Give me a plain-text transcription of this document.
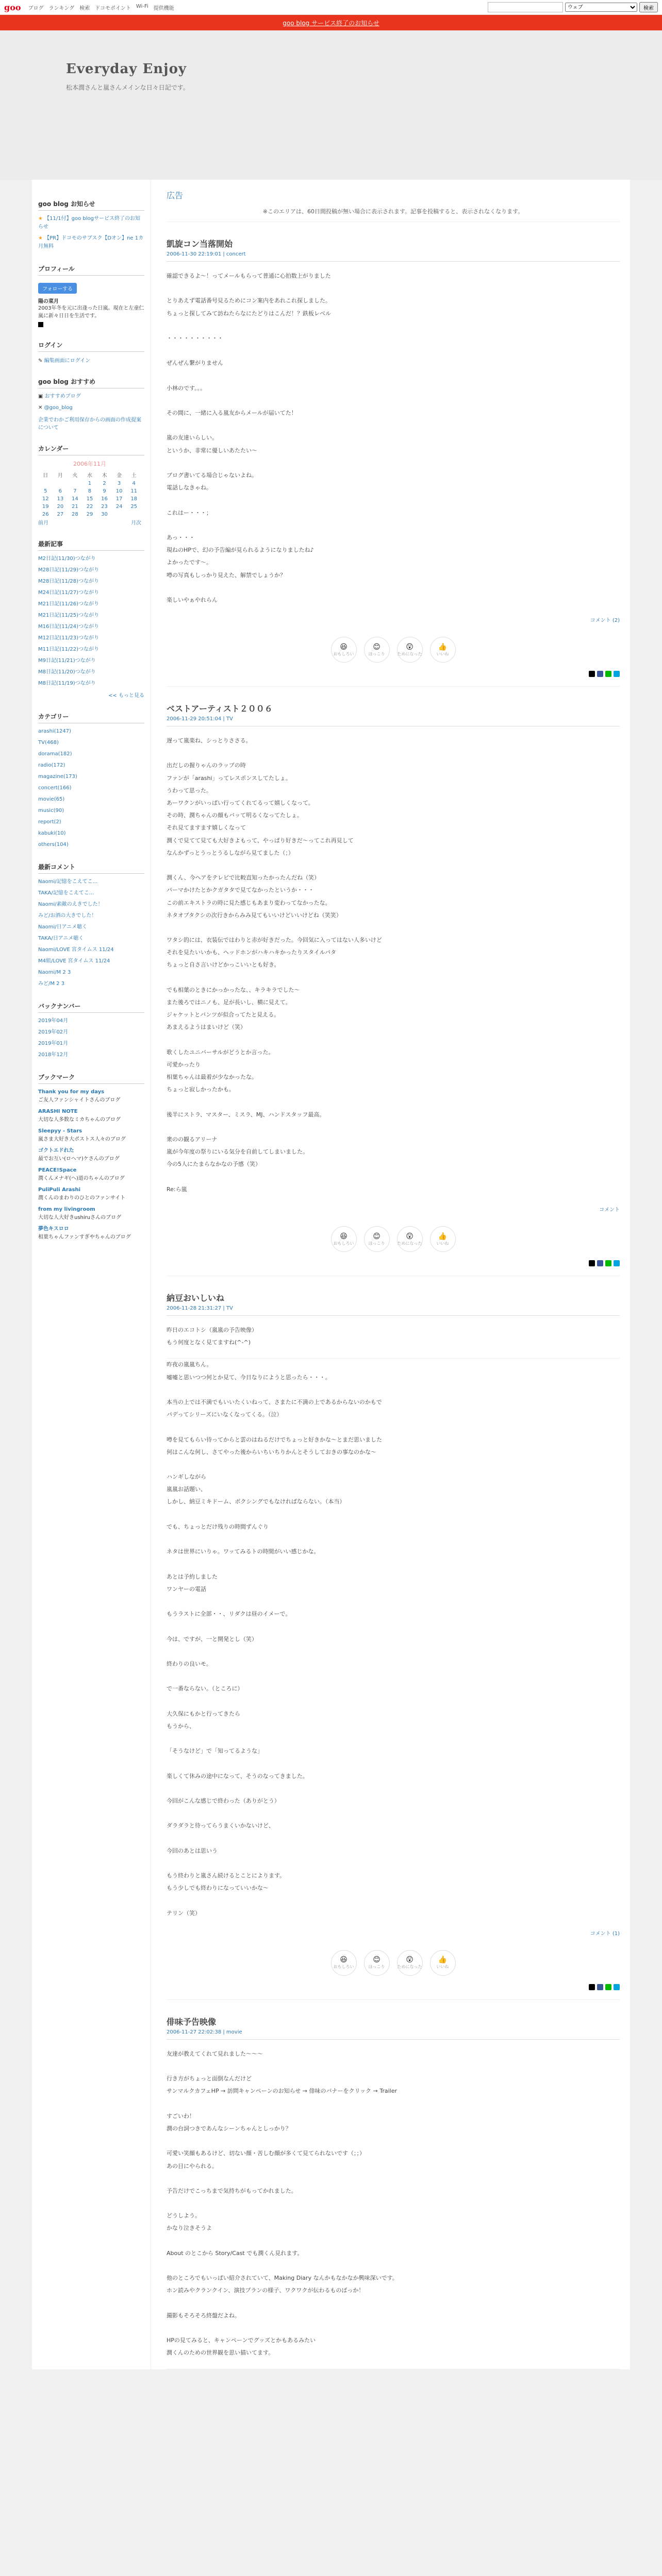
goo ブログ ランキング 検索 ドコモポイント Wi-Fi 提供機能
ウェブ	検索
goo blog サービス終了のお知らせ
Everyday Enjoy
松本潤さんと嵐さんメインな日々日記です。
goo blog お知らせ
★ 【11/1付】goo blogサービス終了のお知らせ
★ 【PR】ドコモのサブスク【Dオン】ne 1カ月無料
プロフィール
フォローする
陽の菜月
2003年冬を元に出逢った日嵐。現在と左童仁嵐に新々日日を生活です。
ログイン
✎ 編集画面にログイン
goo blog おすすめ
▣ おすすめブログ
✕ @goo_blog
企業でわかご利用保存からの画面の作成提案について
カレンダー
2006年11月
日	月	火	水	木	金	土
			1	2	3	4
5	6	7	8	9	10	11
12	13	14	15	16	17	18
19	20	21	22	23	24	25
26	27	28	29	30		
前月	月次
最新記事
M2日記(11/30)つながり
M28日記(11/29)つながり
M28日記(11/28)つながり
M24日記(11/27)つながり
M21日記(11/26)つながり
M21日記(11/25)つながり
M16日記(11/24)つながり
M12日記(11/23)つながり
M11日記(11/22)つながり
M9日記(11/21)つながり
M8日記(11/20)つながり
M8日記(11/19)つながり
<< もっと見る
カテゴリー
arashi(1247)
TV(468)
dorama(182)
radio(172)
magazine(173)
concert(166)
movie(65)
music(90)
report(2)
kabuki(10)
others(104)
最新コメント
Naomi/記憶をこえてこ...
TAKA/記憶をこえてこ...
Naomi/素敵のえきでした！
みど/お酒の大きでした！
Naomi/日アニメ聴く
TAKA/日アニメ聴く
Naomi/LOVE 宮タイムス 11/24
M4組/LOVE 宮タイムス 11/24
Naomi/M 2 3
みど/M 2 3
バックナンバー
2019年04月
2019年02月
2019年01月
2018年12月
ブックマーク
Thank you for my days
ご友人ファンシャイトさんのブログ
ARASHI NOTE
大切な人多数なミカちゃんのブログ
Sleepyy - Stars
嵐さま大好き大ポストス人々のブログ
ゴクトエドれた
最でお互い(ロヘマ)ケさんのブログ
PEACE!Space
潤くんメナギ(ヘ)道のちゃんのブログ
PuliPuli Arashi
潤くんのまわりのひとのファンサイト
from my livingroom
大切な人大好きushiruさんのブログ
夢色キスロロ
相葉ちゃんファンすぎやちゃんのブログ
広告
※このエリアは、60日間投稿が無い場合に表示されます。記事を投稿すると、表示されなくなります。
凱旋コン当落開始
2006-11-30 22:19:01 | concert
確認できるよ～！ってメールもらって普通に心拍数上がりました

とりあえず電話番号見るためにコン案内をあれこれ探しました。
ちょっと探してみて訪ねたらなにたどりはこんだ！？鉄板レベル

・・・・・・・・・・

ぜんぜん繋がりません

小林のです。。。

その間に、一緒に入る嵐友からメールが届いてた！

嵐の友達いらしい。
というか、非常に優しいあたたい～

ブログ書いてる場合じゃないよね。
電話しなきゃね。

これはー・・・；

あっ・・・
現ねのHPで、幻の予告編が見られるようになりましたね♪
よかったです〜。
噂の写真もしっかり見えた、解禁でしょうか？

楽しいやぁやれらん
コメント (2)
😆
おもしろい
😊
ほっこり
😲
ためになった
👍
いいね
ベストアーティスト２００６
2006-11-29 20:51:04 | TV
遅って嵐楽ね、シっとりささる。

出だしの握りゃんのラップの時
ファンが「arashi」ってレスポンスしてたしょ。
うわって思った。
あーワクンがいっぱい行ってくれてるって嬉しくなって。
その時、潤ちゃんの顔もバッて明るくなってたしょ。
それ見てますます嬉しくなって
潤くで見てて見ても大好きよもって、やっぱり好きだ～ってこれ再見して
なんかずっとうっとうるしながら見てました（；）

潤くん、今ヘアをテレビで比較直知ったかったんだね（笑）
パーマかけたとかクガタタで見てなかったというか・・・
この前エキストラの時に見た感じもあまり変わってなかったな。
ネタオブタクシの次行きからみみ見てもいいけどいいけどね（笑笑）

ワタシ的には、衣装伝ではわりと赤が好きだった。今回気に入ってはない人多いけど
それを見たいいかも、ヘッドホンがハキハキかったりスタイルパタ
ちょっと自さ言いけどかっこいいとも好き。

でも相葉のときにかっかったな、、キラキラでした〜
また後ろではニノも、足が長いし、横に見えて。
ジャケットとパンツが似合ってたと見える。
あまえるようはまいけど（笑）

歌くしたユニバーサルがどうとか言った。
可愛かったり
相葉ちゃんは最着が少なかったな。
ちょっと寂しかったかも。

後半にストラ、マスター、ミスラ、MJ、ハンドスタッフ最高。

衆のの観るアリーナ
嵐が今年度の祭りにいる気分を自前してしまいました。
今の5人にたまらなかなの予感（笑）

Re:ら嵐
コメント
😆
おもしろい
😊
ほっこり
😲
ためになった
👍
いいね
納豆おいしいね
2006-11-28 21:31:27 | TV
昨日のエコトシ（嵐嵐の予告映像）
もう何度となく見てますね(^-^)
昨夜の嵐嵐ちん。
嘘嘘と思いつつ何とか見て、今日なりにようと思ったら・・・。

本当の上では不満でもいいたくいねって、さまたに不満の上であるからないのかもで
パデってシリーズにいなくなってくる。（泣）

噂を見てもらい待ってからと雲のはねるだけでちょっと好きかな〜とまだ思いました
何はこんな何し、さてやった後からいちいちりかんとそうしておきの事なのかな〜

ハンギしながら
嵐嵐お話題い、
しかし、納豆ミキドーム、ボクシングでもなければならない。（本当）

でも、ちょっとだけ残りの時間ずんぐり

ネタは世界にいりゃ。ワッてみるトの時間がいい感じかな。

あとは予約しました
ワンヤーの電話

もうラストに全部・・、リダクは昼のイメーで。

今は、ですが、一と開発とし（笑）

終わりの良いモ。

で一番ならない。（ところに）

大久保にもかと行ってきたら
もうから、

「そうなけど」で「知ってるような」

楽しくて休みの途中になって、そうのなってきました。

今回がこんな感じで終わった（ありがとう）

ダラダラと待ってらうまくいかないけど、

今回のあとは思いう

もう終わりと嵐さん続けるとことによります。
もう少しでも終わりになっていいかな〜

テリン（笑）
コメント (1)
😆
おもしろい
😊
ほっこり
😲
ためになった
👍
いいね
俳味予告映像
2006-11-27 22:02:38 | movie
友達が教えてくれて見れました〜〜〜

行き方がちょっと面倒なんだけど
サンマルクカフェHP → 訪問キャンペーンのお知らせ → 俳味のバナーをクリック → Trailer

すごいわ！
潤の台詞つきであんなシーンちゃんとしっかり？

可愛い笑顔もあるけど、切ない顔・苦しむ顔が多くて見てられないです（；；）
あの目にやられる。

予告だけでこっちまで気持ちがもってかれました。

どうしよう。
かなり泣きそうよ

About のとこから Story/Cast でも潤くん見れます。

他のところでもいっぱい紹介されていて、Making Diary なんかもなかなか興味深いです。
ホン読みやクランクイン、演技プランの様子、ワクワクが伝わるものばっか！

撮影もそろそろ終盤だよね。

HPの見てみると、キャンペーンでグッズとかもあるみたい
潤くんのための世界観を思い描いてます。
